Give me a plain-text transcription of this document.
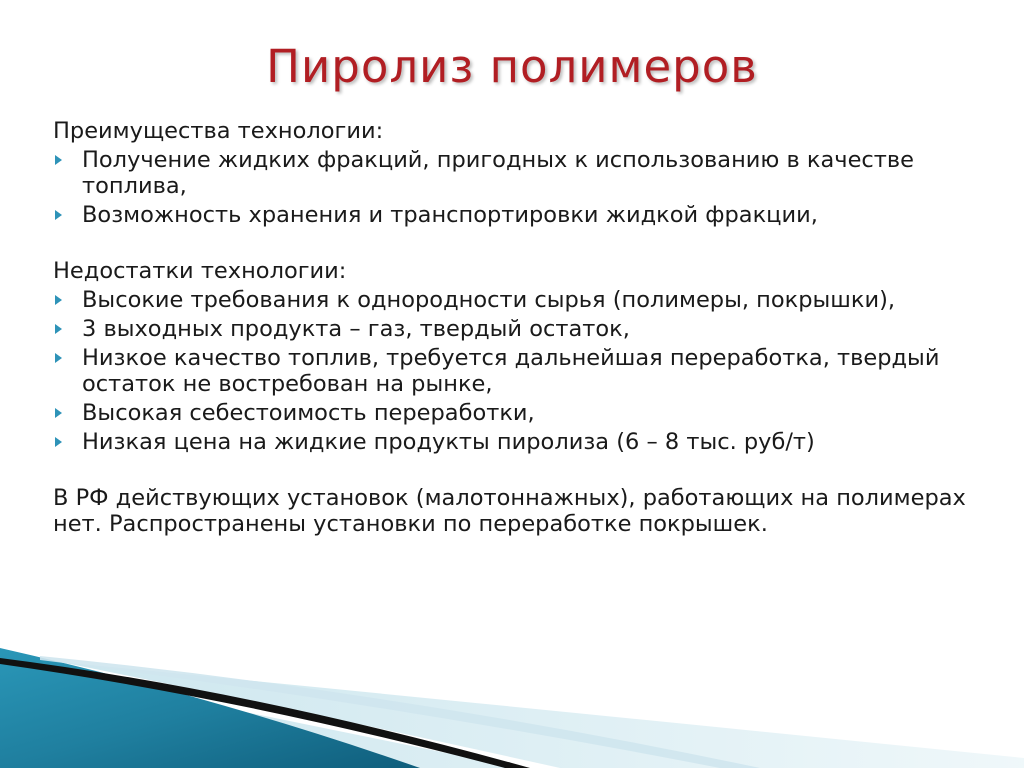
Пиролиз полимеров
Преимущества технологии:
Получение жидких фракций, пригодных к использованию в качестве топлива,
Возможность хранения и транспортировки жидкой фракции,
Недостатки технологии:
Высокие требования к однородности сырья (полимеры, покрышки),
3 выходных продукта – газ, твердый остаток,
Низкое качество топлив, требуется дальнейшая переработка, твердый остаток не востребован на рынке,
Высокая себестоимость переработки,
Низкая цена на жидкие продукты пиролиза (6 – 8 тыс. руб/т)
В РФ действующих установок (малотоннажных), работающих на полимерах нет. Распространены установки по переработке покрышек.
